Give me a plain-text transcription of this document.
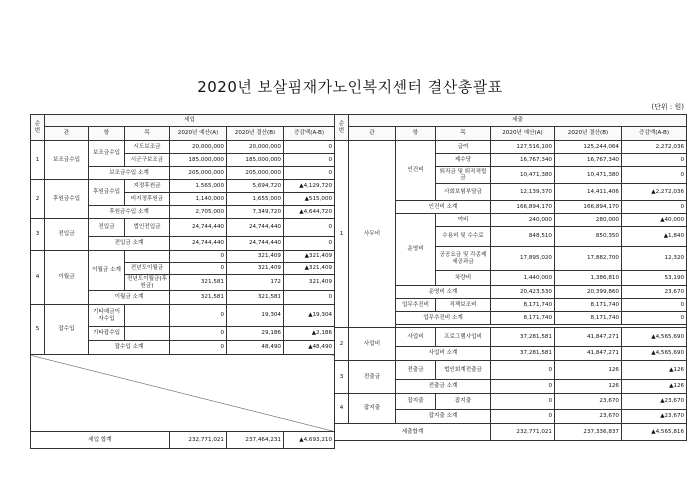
2020년 보살핌재가노인복지센터 결산총괄표
(단위 : 원)
순번	세입					
	관	항	목	2020년 예산(A)	2020년 결산(B)	증감액(A-B)
1	보조금수입	보조금수입	시도보조금	20,000,000	20,000,000	0
			시군구보조금	185,000,000	185,000,000	0
		보조금수입 소계		205,000,000	205,000,000	0
2	후원금수입	후원금수입	지정후원금	1,565,000	5,694,720	▲4,129,720
			비지정후원금	1,140,000	1,655,000	▲515,000
		후원금수입 소계		2,705,000	7,349,720	▲4,644,720
3	전입금	전입금	법인전입금	24,744,440	24,744,440	0
		전입금 소계		24,744,440	24,744,440	0
4	이월금	이월금 소계		0	321,409	▲321,409
			전년도이월금	0	321,409	▲321,409
			전년도이월금(후원금)	321,581	172	321,409
		이월금 소계		321,581	321,581	0
5	잡수입	기타예금이자수입		0	19,304	▲19,304
		기타잡수입		0	29,186	▲2,186
		잡수입 소계		0	48,490	▲48,490

세입 합계				232,771,021	237,464,231	▲4,693,210
순번	세출					
	관	항	목	2020년 예산(A)	2020년 결산(B)	증감액(A-B)
1	사무비	인건비	급여	127,516,100	125,244,064	2,272,036
			제수당	16,767,340	16,767,340	0
			퇴직금 및 퇴직적립금	10,471,380	10,471,380	0
			사회보험부담금	12,139,370	14,411,406	▲2,272,036
		인건비 소계		166,894,170	166,894,170	0
		운영비	여비	240,000	280,000	▲40,000
			수용비 및 수수료	848,510	850,350	▲1,840
			공공요금 및 각종제세공과금	17,895,020	17,882,700	12,320
			차량비	1,440,000	1,386,810	53,190
		운영비 소계		20,423,530	20,399,860	23,670
		업무추진비	직책보조비	8,171,740	8,171,740	0
		업무추진비 소계		8,171,740	8,171,740	0

2	사업비	사업비	프로그램사업비	37,281,581	41,847,271	▲4,565,690
		사업비 소계		37,281,581	41,847,271	▲4,565,690
3	전출금	전출금	법인회계전출금	0	126	▲126
		전출금 소계		0	126	▲126
4	잡지출	잡지출	잡지출	0	23,670	▲23,670
		잡지출 소계		0	23,670	▲23,670
세출합계				232,771,021	237,336,837	▲4,565,816
